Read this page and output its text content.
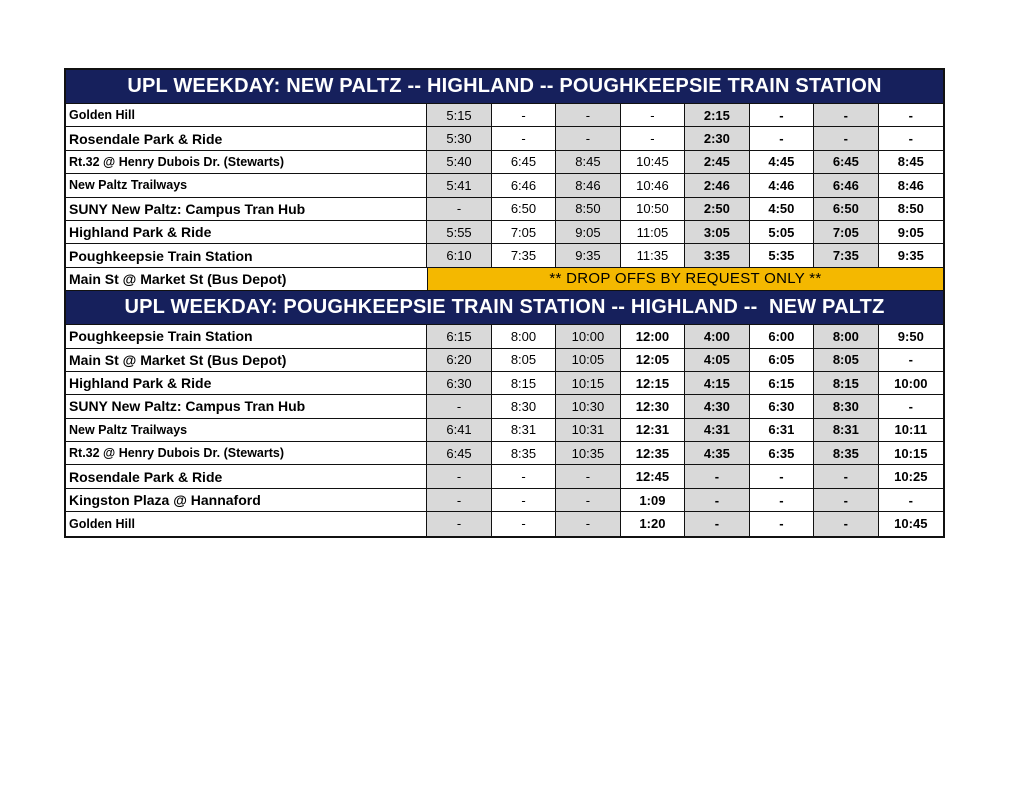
UPL WEEKDAY: NEW PALTZ -- HIGHLAND -- POUGHKEEPSIE TRAIN STATION
Golden Hill	5:15	-	-	-	2:15	-	-	-
Rosendale Park & Ride	5:30	-	-	-	2:30	-	-	-
Rt.32 @ Henry Dubois Dr. (Stewarts)	5:40	6:45	8:45	10:45	2:45	4:45	6:45	8:45
New Paltz Trailways	5:41	6:46	8:46	10:46	2:46	4:46	6:46	8:46
SUNY New Paltz: Campus Tran Hub	-	6:50	8:50	10:50	2:50	4:50	6:50	8:50
Highland Park & Ride	5:55	7:05	9:05	11:05	3:05	5:05	7:05	9:05
Poughkeepsie Train Station	6:10	7:35	9:35	11:35	3:35	5:35	7:35	9:35
Main St @ Market St (Bus Depot)	** DROP OFFS BY REQUEST ONLY **
UPL WEEKDAY: POUGHKEEPSIE TRAIN STATION -- HIGHLAND --  NEW PALTZ
Poughkeepsie Train Station	6:15	8:00	10:00	12:00	4:00	6:00	8:00	9:50
Main St @ Market St (Bus Depot)	6:20	8:05	10:05	12:05	4:05	6:05	8:05	-
Highland Park & Ride	6:30	8:15	10:15	12:15	4:15	6:15	8:15	10:00
SUNY New Paltz: Campus Tran Hub	-	8:30	10:30	12:30	4:30	6:30	8:30	-
New Paltz Trailways	6:41	8:31	10:31	12:31	4:31	6:31	8:31	10:11
Rt.32 @ Henry Dubois Dr. (Stewarts)	6:45	8:35	10:35	12:35	4:35	6:35	8:35	10:15
Rosendale Park & Ride	-	-	-	12:45	-	-	-	10:25
Kingston Plaza @ Hannaford	-	-	-	1:09	-	-	-	-
Golden Hill	-	-	-	1:20	-	-	-	10:45
